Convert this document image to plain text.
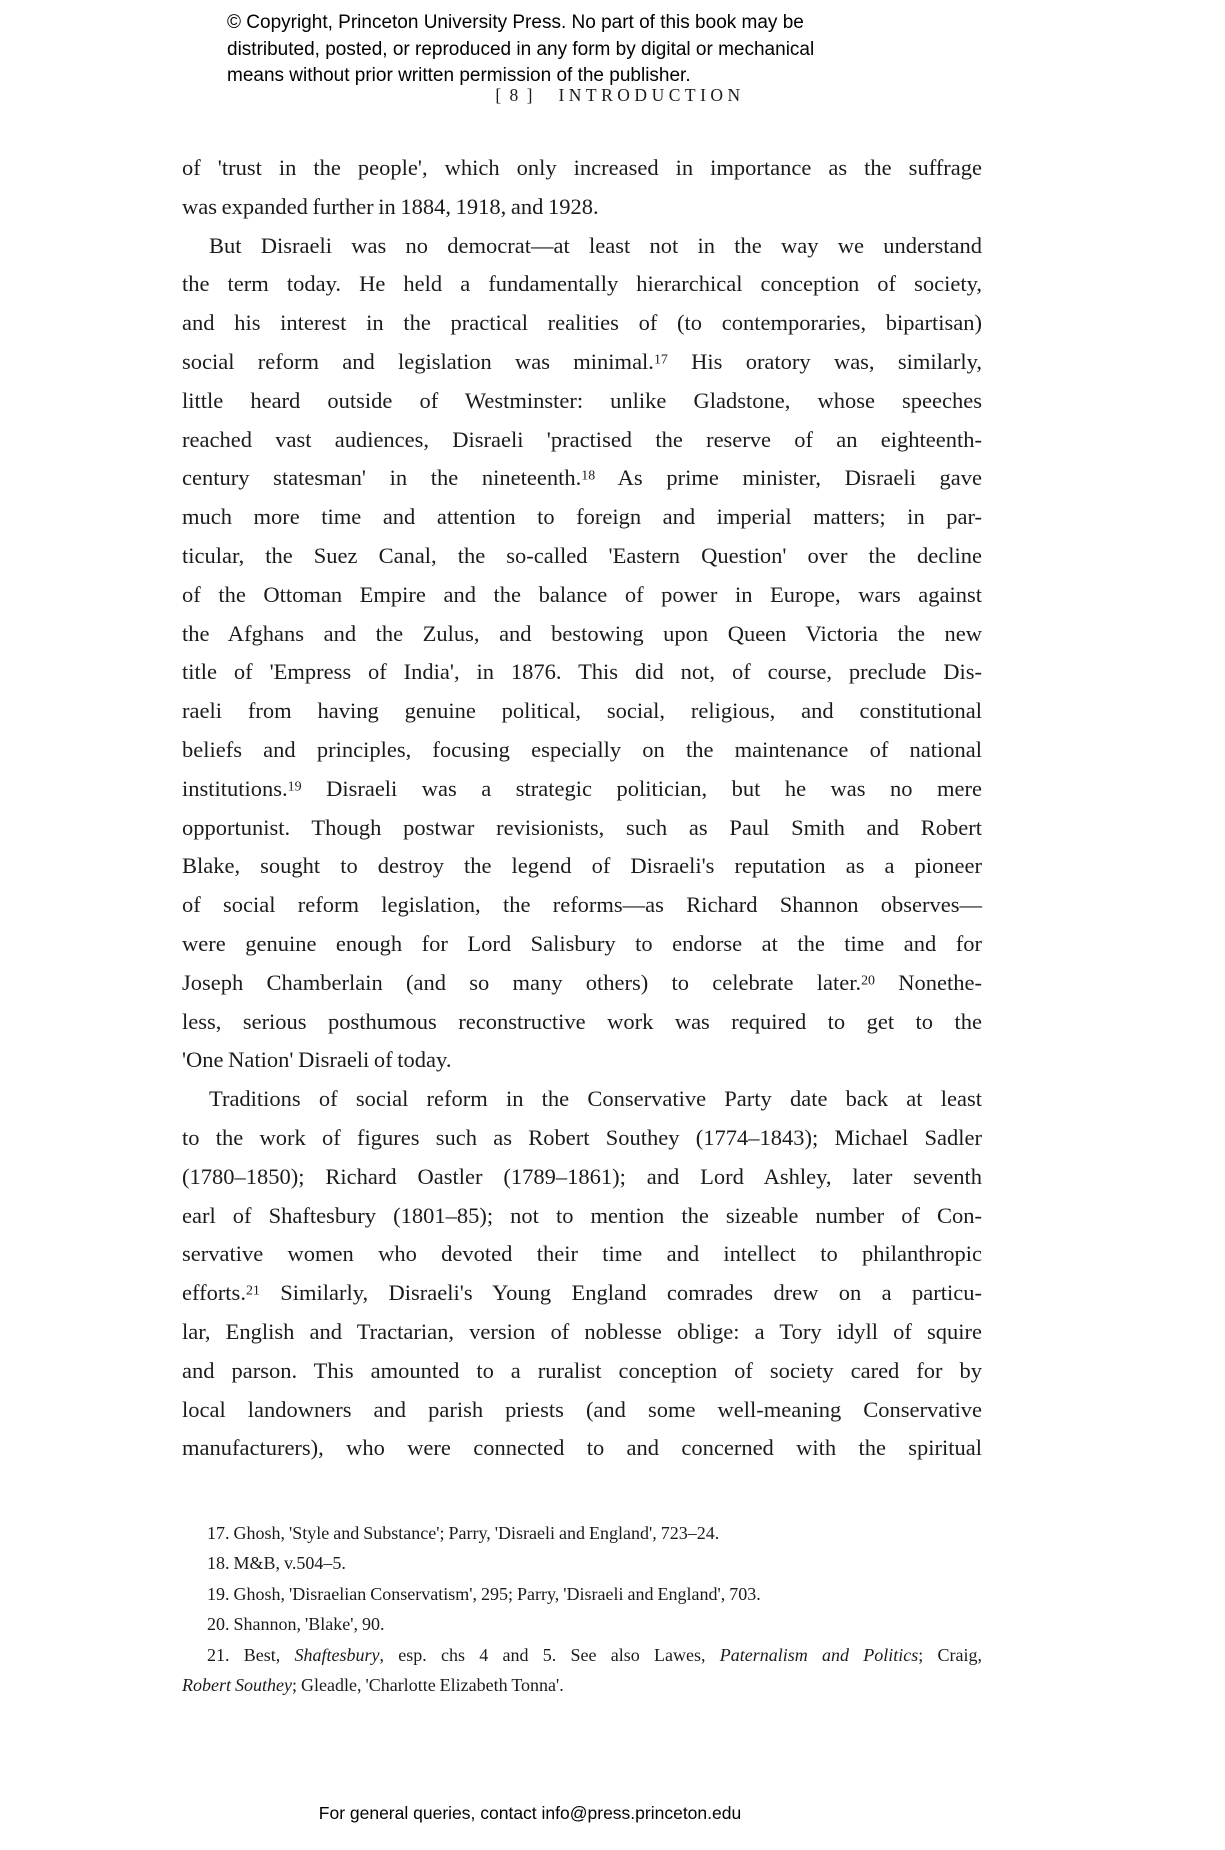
© Copyright, Princeton University Press. No part of this book may be
distributed, posted, or reproduced in any form by digital or mechanical
means without prior written permission of the publisher.
[ 8 ] INTRODUCTION
of 'trust in the people', which only increased in importance as the suffrage
was expanded further in 1884, 1918, and 1928.
But Disraeli was no democrat—at least not in the way we understand
the term today. He held a fundamentally hierarchical conception of society,
and his interest in the practical realities of (to contemporaries, bipartisan)
social reform and legislation was minimal.$^{17}$ His oratory was, similarly,
little heard outside of Westminster: unlike Gladstone, whose speeches
reached vast audiences, Disraeli 'practised the reserve of an eighteenth-
century statesman' in the nineteenth.$^{18}$ As prime minister, Disraeli gave
much more time and attention to foreign and imperial matters; in par-
ticular, the Suez Canal, the so-called 'Eastern Question' over the decline
of the Ottoman Empire and the balance of power in Europe, wars against
the Afghans and the Zulus, and bestowing upon Queen Victoria the new
title of 'Empress of India', in 1876. This did not, of course, preclude Dis-
raeli from having genuine political, social, religious, and constitutional
beliefs and principles, focusing especially on the maintenance of national
institutions.$^{19}$ Disraeli was a strategic politician, but he was no mere
opportunist. Though postwar revisionists, such as Paul Smith and Robert
Blake, sought to destroy the legend of Disraeli's reputation as a pioneer
of social reform legislation, the reforms—as Richard Shannon observes—
were genuine enough for Lord Salisbury to endorse at the time and for
Joseph Chamberlain (and so many others) to celebrate later.$^{20}$ Nonethe-
less, serious posthumous reconstructive work was required to get to the
'One Nation' Disraeli of today.
Traditions of social reform in the Conservative Party date back at least
to the work of figures such as Robert Southey (1774–1843); Michael Sadler
(1780–1850); Richard Oastler (1789–1861); and Lord Ashley, later seventh
earl of Shaftesbury (1801–85); not to mention the sizeable number of Con-
servative women who devoted their time and intellect to philanthropic
efforts.$^{21}$ Similarly, Disraeli's Young England comrades drew on a particu-
lar, English and Tractarian, version of noblesse oblige: a Tory idyll of squire
and parson. This amounted to a ruralist conception of society cared for by
local landowners and parish priests (and some well-meaning Conservative
manufacturers), who were connected to and concerned with the spiritual
17. Ghosh, 'Style and Substance'; Parry, 'Disraeli and England', 723–24.
18. M&B, v.504–5.
19. Ghosh, 'Disraelian Conservatism', 295; Parry, 'Disraeli and England', 703.
20. Shannon, 'Blake', 90.
21. Best, Shaftesbury, esp. chs 4 and 5. See also Lawes, Paternalism and Politics; Craig,
Robert Southey; Gleadle, 'Charlotte Elizabeth Tonna'.
For general queries, contact info@press.princeton.edu
